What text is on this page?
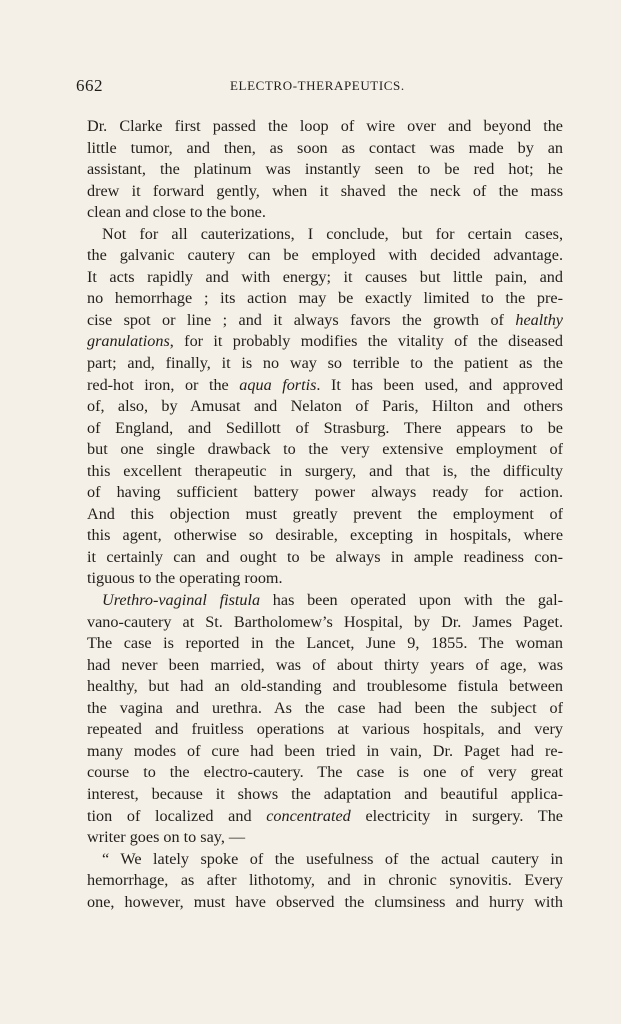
662	ELECTRO-THERAPEUTICS.
Dr. Clarke first passed the loop of wire over and beyond the
little tumor, and then, as soon as contact was made by an
assistant, the platinum was instantly seen to be red hot; he
drew it forward gently, when it shaved the neck of the mass
clean and close to the bone.
Not for all cauterizations, I conclude, but for certain cases,
the galvanic cautery can be employed with decided advantage.
It acts rapidly and with energy; it causes but little pain, and
no hemorrhage ; its action may be exactly limited to the pre-
cise spot or line ; and it always favors the growth of healthy
granulations, for it probably modifies the vitality of the diseased
part; and, finally, it is no way so terrible to the patient as the
red-hot iron, or the aqua fortis. It has been used, and approved
of, also, by Amusat and Nelaton of Paris, Hilton and others
of England, and Sedillott of Strasburg. There appears to be
but one single drawback to the very extensive employment of
this excellent therapeutic in surgery, and that is, the difficulty
of having sufficient battery power always ready for action.
And this objection must greatly prevent the employment of
this agent, otherwise so desirable, excepting in hospitals, where
it certainly can and ought to be always in ample readiness con-
tiguous to the operating room.
Urethro-vaginal fistula has been operated upon with the gal-
vano-cautery at St. Bartholomew’s Hospital, by Dr. James Paget.
The case is reported in the Lancet, June 9, 1855. The woman
had never been married, was of about thirty years of age, was
healthy, but had an old-standing and troublesome fistula between
the vagina and urethra. As the case had been the subject of
repeated and fruitless operations at various hospitals, and very
many modes of cure had been tried in vain, Dr. Paget had re-
course to the electro-cautery. The case is one of very great
interest, because it shows the adaptation and beautiful applica-
tion of localized and concentrated electricity in surgery. The
writer goes on to say, —
“ We lately spoke of the usefulness of the actual cautery in
hemorrhage, as after lithotomy, and in chronic synovitis. Every
one, however, must have observed the clumsiness and hurry with
